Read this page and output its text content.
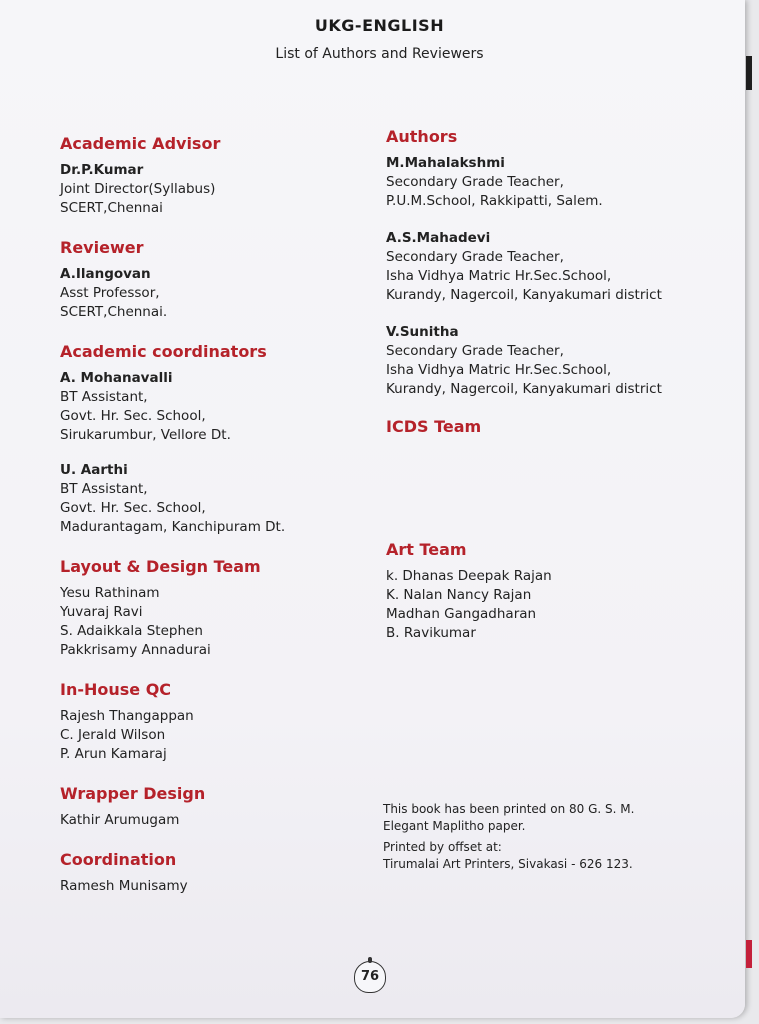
UKG-ENGLISH
List of Authors and Reviewers
Academic Advisor
Dr.P.Kumar
Joint Director(Syllabus)
SCERT,Chennai
Reviewer
A.Ilangovan
Asst Professor,
SCERT,Chennai.
Academic coordinators
A. Mohanavalli
BT Assistant,
Govt. Hr. Sec. School,
Sirukarumbur, Vellore Dt.
U. Aarthi
BT Assistant,
Govt. Hr. Sec. School,
Madurantagam, Kanchipuram Dt.
Layout & Design Team
Yesu Rathinam
Yuvaraj Ravi
S. Adaikkala Stephen
Pakkrisamy Annadurai
In-House QC
Rajesh Thangappan
C. Jerald Wilson
P. Arun Kamaraj
Wrapper Design
Kathir Arumugam
Coordination
Ramesh Munisamy
Authors
M.Mahalakshmi
Secondary Grade Teacher,
P.U.M.School, Rakkipatti, Salem.
A.S.Mahadevi
Secondary Grade Teacher,
Isha Vidhya Matric Hr.Sec.School,
Kurandy, Nagercoil, Kanyakumari district
V.Sunitha
Secondary Grade Teacher,
Isha Vidhya Matric Hr.Sec.School,
Kurandy, Nagercoil, Kanyakumari district
ICDS Team
Art Team
k. Dhanas Deepak Rajan
K. Nalan Nancy Rajan
Madhan Gangadharan
B. Ravikumar
This book has been printed on 80 G. S. M.
Elegant Maplitho paper.
Printed by offset at:
Tirumalai Art Printers, Sivakasi - 626 123.
76
